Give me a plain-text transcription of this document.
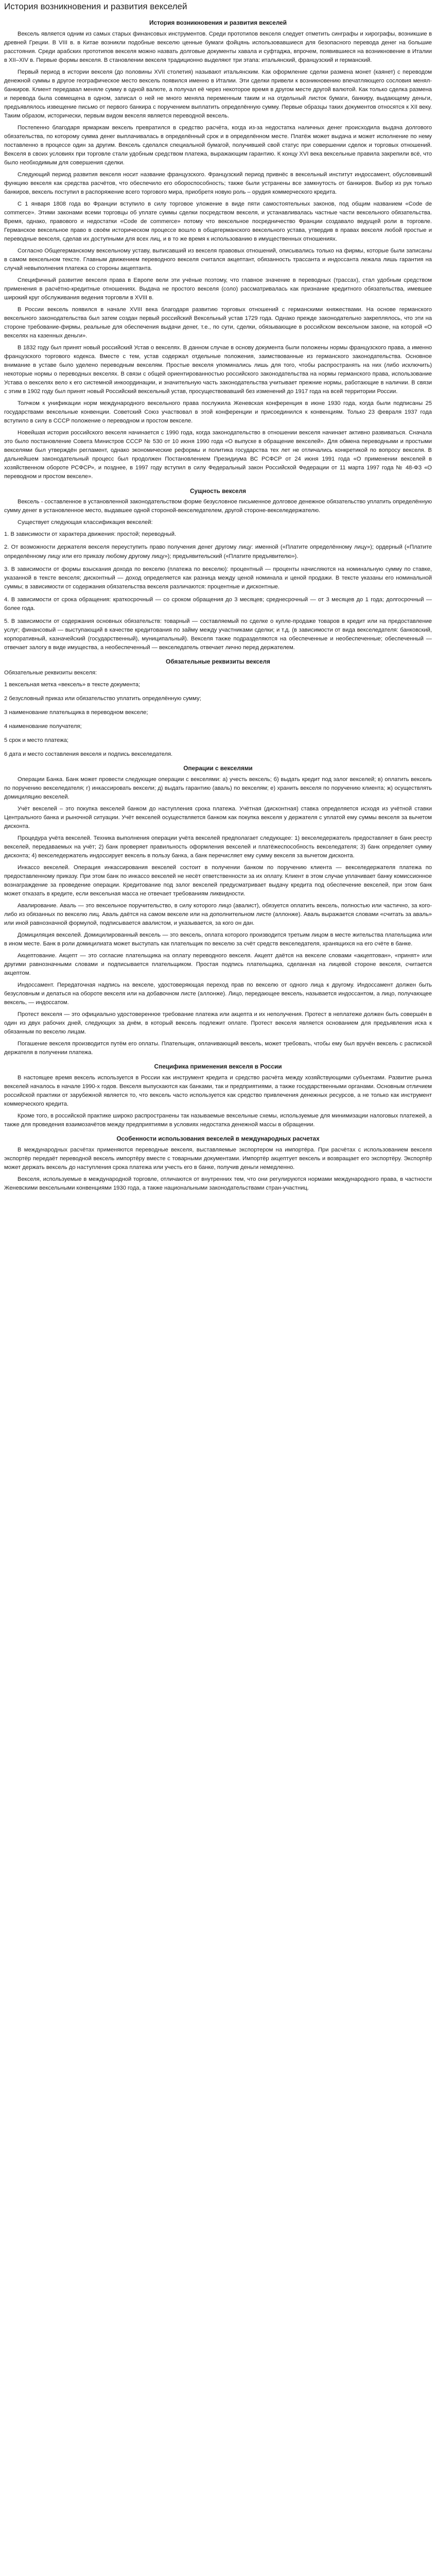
История возникновения и развития векселей
История возникновения и развития векселей

Вексель является одним из самых старых финансовых инструментов. Среди прототипов векселя следует отметить синграфы и хирографы, возникшие в древней Греции. В VIII в. в Китае возникли подобные векселю ценные бумаги фэйцянь использовавшиеся для безопасного перевода денег на большие расстояния. Среди арабских прототипов векселя можно назвать долговые документы хавала и суфтаджа, впрочем, появившиеся на возникновение в Италии в XII–XIV в. Первые формы векселя. В становлении векселя традиционно выделяют три этапа: итальянский, французский и германский.

Первый период в истории векселя (до половины XVII столетия) называют итальянским. Как оформление сделки размена монет (каянет) с переводом денежной суммы в другое географическое место вексель появился именно в Италии. Эти сделки привели к возникновению впечатляющего сословия менял-банкиров. Клиент передавал меняле сумму в одной валюте, а получал её через некоторое время в другом месте другой валютой. Как только сделка размена и перевода была совмещена в одном, записал о ней не много меняла переменным таким и на отдельный листок бумаги, банкиру, выдающему деньги, предъявлялось извещение письмо от первого банкира с поручением выплатить определённую сумму. Первые образцы таких документов относятся к XII веку. Таким образом, исторически, первым видом векселя является переводной вексель.

Постепенно благодаря ярмаркам вексель превратился в средство расчёта, когда из-за недостатка наличных денег происходила выдача долгового обязательства, по которому сумма денег выплачивалась в определённый срок и в определённом месте. Платёж может выдача и может исполнение по нему поставленно в процессе один за другим. Вексель сделался специальной бумагой, получившей свой статус при совершении сделок и торговых отношений. Векселя в своих условиях при торговле стали удобным средством платежа, выражающим гарантию. К концу XVI века вексельные правила закрепили всё, что было необходимым для совершения сделки.

Следующий период развития векселя носит название французского. Французский период привнёс в вексельный институт индоссамент, обусловивший функцию векселя как средства расчётов, что обеспечило его обороспособность; также были устранены все замкнутость от банкиров. Выбор из рук только банкиров, вексель поступил в распоряжение всего торгового мира, приобретя новую роль – орудия коммерческого кредита.

С 1 января 1808 года во Франции вступило в силу торговое уложение в виде пяти самостоятельных законов, под общим названием «Code de commerce». Этими законами всеми торговцы об уплате суммы сделки посредством векселя, и устанавливалась частные части вексельного обязательства. Время, однако, правового и недостатки «Code de commerce» потому что вексельное посредничество Франции создавало ведущей роли в торговле. Германское вексельное право в своём историческом процессе вошло в общегерманского вексельного устава, утвердив в правах векселя любой простые и переводные векселя, сделав их доступными для всех лиц, и в то же время к использованию в имущественных отношениях.

Согласно Общегерманскому вексельному уставу, выписавший из векселя правовых отношений, описывались только на фирмы, которые были записаны в самом вексельном тексте. Главным движением переводного векселя считался акцептант, обязанность трассанта и индоссанта лежала лишь гарантия на случай невыполнения платежа со стороны акцептанта.

Специфичный развитие векселя права в Европе вели эти учёные поэтому, что главное значение в переводных (трассах), стал удобным средством применения в расчётно-кредитные отношениях. Выдача не простого векселя (соло) рассматривалась как признание кредитного обязательства, имевшее широкий круг обслуживания ведения торговли в XVIII в.

В России вексель появился в начале XVIII века благодаря развитию торговых отношений с германскими княжествами. На основе германского вексельного законодательства был затем создан первый российский Вексельный устав 1729 года. Однако прежде законодательно закреплялось, что эти на стороне требование-фирмы, реальные для обеспечения выдачи денег, т.е., по сути, сделки, обязывающие в российском вексельном законе, на которой «О векселях на казенных деньги».

В 1832 году был принят новый российский Устав о векселях. В данном случае в основу документа были положены нормы французского права, а именно французского торгового кодекса. Вместе с тем, устав содержал отдельные положения, заимствованные из германского законодательства. Основное внимание в уставе было уделено переводным векселям. Простые векселя упоминались лишь для того, чтобы распространять на них (либо исключить) некоторые нормы о переводных векселях. В связи с общей ориентированностью российского законодательства на нормы германского права, использование Устава о векселях вело к его системной инкоординации, и значительную часть законодательства учитывает прежние нормы, работающие в наличии. В связи с этим в 1902 году был принят новый Российский вексельный устав, просуществовавший без изменений до 1917 года на всей территории России.

Толчком к унификации норм международного вексельного права послужила Женевская конференция в июне 1930 года, когда были подписаны 25 государствами вексельные конвенции. Советский Союз участвовал в этой конференции и присоединился к конвенциям. Только 23 февраля 1937 года вступило в силу в СССР положение о переводном и простом векселе.

Новейшая история российского векселя начинается с 1990 года, когда законодательство в отношении векселя начинает активно развиваться. Сначала это было постановление Совета Министров СССР № 530 от 10 июня 1990 года «О выпуске в обращение векселей». Для обмена переводными и простыми векселями был утверждён регламент, однако экономические реформы и политика государства тех лет не отличались конкретикой по вопросу векселя. В дальнейшем законодательный процесс был продолжен Постановлением Президиума ВС РСФСР от 24 июня 1991 года «О применении векселей в хозяйственном обороте РСФСР», и позднее, в 1997 году вступил в силу Федеральный закон Российской Федерации от 11 марта 1997 года № 48-ФЗ «О переводном и простом векселе».

Сущность векселя

Вексель - составленное в установленной законодательством форме безусловное письменное долговое денежное обязательство уплатить определённую сумму денег в установленное место, выдавшее одной стороной-векселедателем, другой стороне-векселедержателю.

Существует следующая классификация векселей:

1. В зависимости от характера движения: простой; переводный.

2. От возможности держателя векселя переуступить право получения денег другому лицу: именной («Платите определённому лицу»); ордерный («Платите определённому лицу или его приказу любому другому лицу»); предъявительский («Платите предъявителю»).

3. В зависимости от формы взыскания дохода по векселю (платежа по векселю): процентный — проценты начисляются на номинальную сумму по ставке, указанной в тексте векселя; дисконтный — доход определяется как разница между ценой номинала и ценой продажи. В тексте указаны его номинальной суммы; в зависимости от содержания обязательства векселя различаются: процентные и дисконтные.

4. В зависимости от срока обращения: краткосрочный — со сроком обращения до 3 месяцев; среднесрочный — от 3 месяцев до 1 года; долгосрочный — более года.

5. В зависимости от содержания основных обязательств: товарный — составляемый по сделке о купле-продаже товаров в кредит или на предоставление услуг; финансовый — выступающий в качестве кредитования по займу между участниками сделки; и т.д. (в зависимости от вида векселедателя: банковский, корпоративный, казначейский (государственный), муниципальный). Векселя также подразделяются на обеспеченные и необеспеченные; обеспеченный — отвечает залогу в виде имущества, а необеспеченный — векселедатель отвечает лично перед держателем.

Обязательные реквизиты векселя

Обязательные реквизиты векселя:

1 вексельная метка «вексель» в тексте документа;

2 безусловный приказ или обязательство уплатить определённую сумму;

3 наименование плательщика в переводном векселе;

4 наименование получателя;

5 срок и место платежа;

6 дата и место составления векселя и подпись векселедателя.

Операции с векселями

Операции Банка. Банк может провести следующие операции с векселями: а) учесть вексель; б) выдать кредит под залог векселей; в) оплатить вексель по поручению векселедателя; г) инкассировать вексели; д) выдать гарантию (аваль) по векселям; е) хранить векселя по поручению клиента; ж) осуществлять домициляцию векселей.

Учёт векселей – это покупка векселей банком до наступления срока платежа. Учётная (дисконтная) ставка определяется исходя из учётной ставки Центрального банка и рыночной ситуации. Учёт векселей осуществляется банком как покупка векселя у держателя с уплатой ему суммы векселя за вычетом дисконта.

Процедура учёта векселей. Техника выполнения операции учёта векселей предполагает следующее: 1) векселедержатель предоставляет в банк реестр векселей, передаваемых на учёт; 2) банк проверяет правильность оформления векселей и платёжеспособность векселедателя; 3) банк определяет сумму дисконта; 4) векселедержатель индоссирует вексель в пользу банка, а банк перечисляет ему сумму векселя за вычетом дисконта.

Инкассо векселей. Операция инкассирования векселей состоит в получении банком по поручению клиента — векселедержателя платежа по предоставленному приказу. При этом банк по инкассо векселей не несёт ответственности за их оплату. Клиент в этом случае уплачивает банку комиссионное вознаграждение за проведение операции. Кредитование под залог векселей предусматривает выдачу кредита под обеспечение векселей, при этом банк может отказать в кредите, если вексельная масса не отвечает требованиям ликвидности.

Авалирование. Аваль — это вексельное поручительство, в силу которого лицо (авалист), обязуется оплатить вексель, полностью или частично, за кого-либо из обязанных по векселю лиц. Аваль даётся на самом векселе или на дополнительном листе (аллонже). Аваль выражается словами «считать за аваль» или иной равнозначной формулой, подписывается авалистом, и указывается, за кого он дан.

Домициляция векселей. Домицилированный вексель — это вексель, оплата которого производится третьим лицом в месте жительства плательщика или в ином месте. Банк в роли домицилиата может выступать как плательщик по векселю за счёт средств векселедателя, хранящихся на его счёте в банке.

Акцептование. Акцепт — это согласие плательщика на оплату переводного векселя. Акцепт даётся на векселе словами «акцептован», «принят» или другими равнозначными словами и подписывается плательщиком. Простая подпись плательщика, сделанная на лицевой стороне векселя, считается акцептом.

Индоссамент. Передаточная надпись на векселе, удостоверяющая переход прав по векселю от одного лица к другому. Индоссамент должен быть безусловным и делаться на обороте векселя или на добавочном листе (аллонже). Лицо, передающее вексель, называется индоссантом, а лицо, получающее вексель, — индоссатом.

Протест векселя — это официально удостоверенное требование платежа или акцепта и их неполучения. Протест в неплатеже должен быть совершён в один из двух рабочих дней, следующих за днём, в который вексель подлежит оплате. Протест векселя является основанием для предъявления иска к обязанным по векселю лицам.

Погашение векселя производится путём его оплаты. Плательщик, оплачивающий вексель, может требовать, чтобы ему был вручён вексель с распиской держателя в получении платежа.

Специфика применения векселя в России

В настоящее время вексель используется в России как инструмент кредита и средство расчёта между хозяйствующими субъектами. Развитие рынка векселей началось в начале 1990-х годов. Векселя выпускаются как банками, так и предприятиями, а также государственными органами. Основным отличием российской практики от зарубежной является то, что вексель часто используется как средство привлечения денежных ресурсов, а не только как инструмент коммерческого кредита.

Кроме того, в российской практике широко распространены так называемые вексельные схемы, используемые для минимизации налоговых платежей, а также для проведения взаимозачётов между предприятиями в условиях недостатка денежной массы в обращении.

Особенности использования векселей в международных расчетах

В международных расчётах применяются переводные векселя, выставляемые экспортером на импортёра. При расчётах с использованием векселя экспортёр передаёт переводной вексель импортёру вместе с товарными документами. Импортёр акцептует вексель и возвращает его экспортёру. Экспортёр может держать вексель до наступления срока платежа или учесть его в банке, получив деньги немедленно.

Векселя, используемые в международной торговле, отличаются от внутренних тем, что они регулируются нормами международного права, в частности Женевскими вексельными конвенциями 1930 года, а также национальными законодательствами стран-участниц.
